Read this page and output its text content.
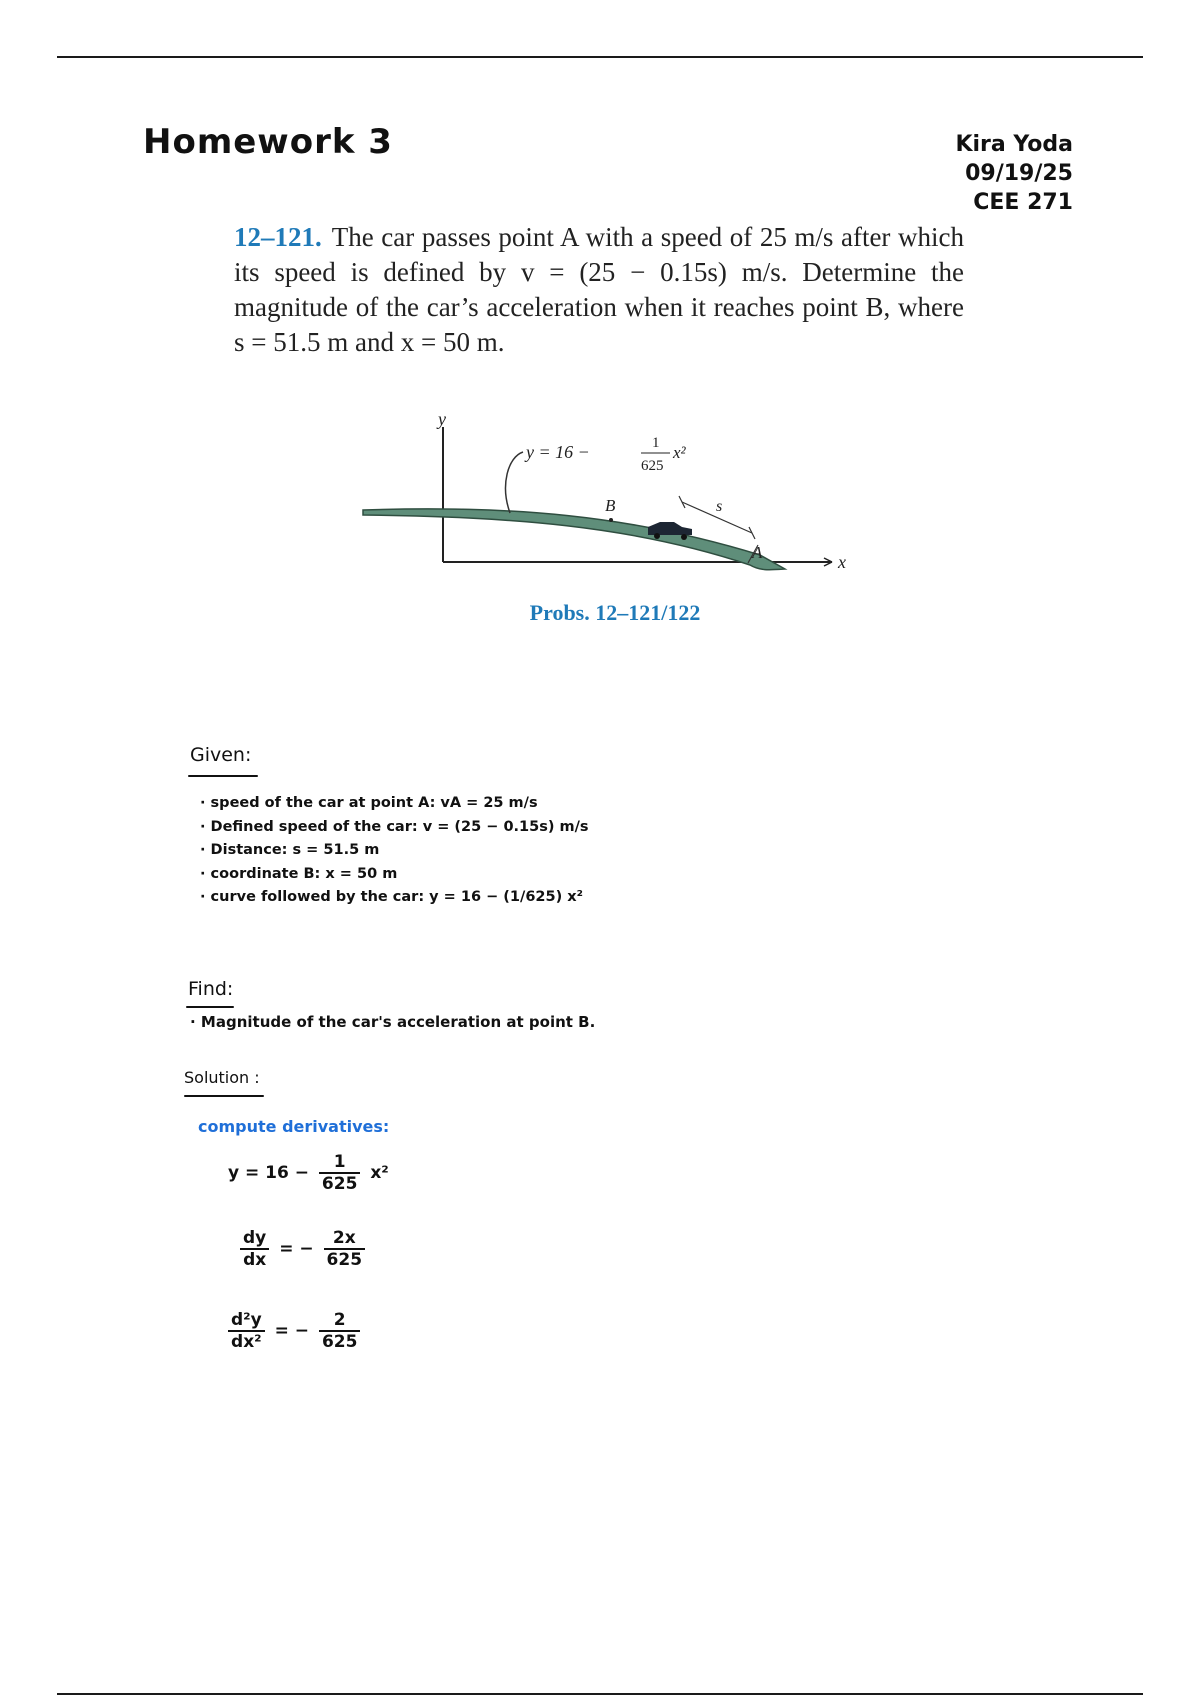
Homework 3	Kira Yoda
09/19/25
CEE 271
12–121. The car passes point A with a speed of 25 m/s after which its speed is defined by v = (25 − 0.15s) m/s. Determine the magnitude of the car’s acceleration when it reaches point B, where s = 51.5 m and x = 50 m.
y
x
y = 16 −	1
625
x²
B	s
A
Probs. 12–121/122
Given:
· speed of the car at point A: vA = 25 m/s
· Defined speed of the car: v = (25 − 0.15s) m/s
· Distance: s = 51.5 m
· coordinate B: x = 50 m
· curve followed by the car: y = 16 − (1/625) x²
Find:
· Magnitude of the car's acceleration at point B.
Solution :
compute derivatives:
$y = 16 - \frac{1}{625} x^2$
$\frac{dy}{dx}$ = − $\frac{2x}{625}$
$\frac{\text{d²y}}{\text{dx²}}$ = − $\frac{2}{625}$
